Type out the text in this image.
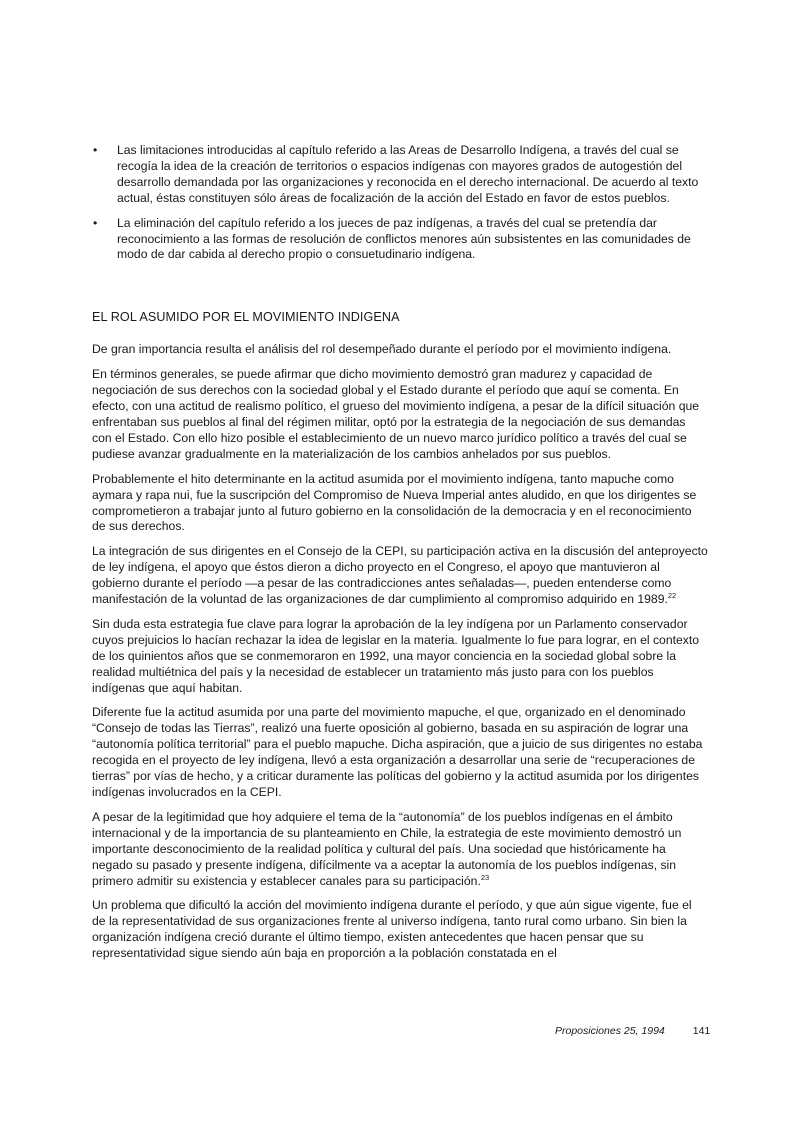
• Las limitaciones introducidas al capítulo referido a las Areas de Desarrollo Indígena, a través del cual se recogía la idea de la creación de territorios o espacios indígenas con mayores grados de autogestión del desarrollo demandada por las organizaciones y reconocida en el derecho internacional. De acuerdo al texto actual, éstas constituyen sólo áreas de focalización de la acción del Estado en favor de estos pueblos.
• La eliminación del capítulo referido a los jueces de paz indígenas, a través del cual se pretendía dar reconocimiento a las formas de resolución de conflictos menores aún subsistentes en las comunidades de modo de dar cabida al derecho propio o consuetudinario indígena.
EL ROL ASUMIDO POR EL MOVIMIENTO INDIGENA

De gran importancia resulta el análisis del rol desempeñado durante el período por el movimiento indígena.

En términos generales, se puede afirmar que dicho movimiento demostró gran madurez y capacidad de negociación de sus derechos con la sociedad global y el Estado durante el período que aquí se comenta. En efecto, con una actitud de realismo político, el grueso del movimiento indígena, a pesar de la difícil situación que enfrentaban sus pueblos al final del régimen militar, optó por la estrategia de la negociación de sus demandas con el Estado. Con ello hizo posible el establecimiento de un nuevo marco jurídico político a través del cual se pudiese avanzar gradualmente en la materialización de los cambios anhelados por sus pueblos.

Probablemente el hito determinante en la actitud asumida por el movimiento indígena, tanto mapuche como aymara y rapa nui, fue la suscripción del Compromiso de Nueva Imperial antes aludido, en que los dirigentes se comprometieron a trabajar junto al futuro gobierno en la consolidación de la democracia y en el reconocimiento de sus derechos.

La integración de sus dirigentes en el Consejo de la CEPI, su participación activa en la discusión del anteproyecto de ley indígena, el apoyo que éstos dieron a dicho proyecto en el Congreso, el apoyo que mantuvieron al gobierno durante el período —a pesar de las contradicciones antes señaladas—, pueden entenderse como manifestación de la voluntad de las organizaciones de dar cumplimiento al compromiso adquirido en 1989.22

Sin duda esta estrategia fue clave para lograr la aprobación de la ley indígena por un Parlamento conservador cuyos prejuicios lo hacían rechazar la idea de legislar en la materia. Igualmente lo fue para lograr, en el contexto de los quinientos años que se conmemoraron en 1992, una mayor conciencia en la sociedad global sobre la realidad multiétnica del país y la necesidad de establecer un tratamiento más justo para con los pueblos indígenas que aquí habitan.

Diferente fue la actitud asumida por una parte del movimiento mapuche, el que, organizado en el denominado “Consejo de todas las Tierras”, realizó una fuerte oposición al gobierno, basada en su aspiración de lograr una “autonomía política territorial” para el pueblo mapuche. Dicha aspiración, que a juicio de sus dirigentes no estaba recogida en el proyecto de ley indígena, llevó a esta organización a desarrollar una serie de “recuperaciones de tierras” por vías de hecho, y a criticar duramente las políticas del gobierno y la actitud asumida por los dirigentes indígenas involucrados en la CEPI.

A pesar de la legitimidad que hoy adquiere el tema de la “autonomía” de los pueblos indígenas en el ámbito internacional y de la importancia de su planteamiento en Chile, la estrategia de este movimiento demostró un importante desconocimiento de la realidad política y cultural del país. Una sociedad que históricamente ha negado su pasado y presente indígena, difícilmente va a aceptar la autonomía de los pueblos indígenas, sin primero admitir su existencia y establecer canales para su participación.$^{23}$

Un problema que dificultó la acción del movimiento indígena durante el período, y que aún sigue vigente, fue el de la representatividad de sus organizaciones frente al universo indígena, tanto rural como urbano. Sin bien la organización indígena creció durante el último tiempo, existen antecedentes que hacen pensar que su representatividad sigue siendo aún baja en proporción a la población constatada en el

Proposiciones 25, 1994	141
